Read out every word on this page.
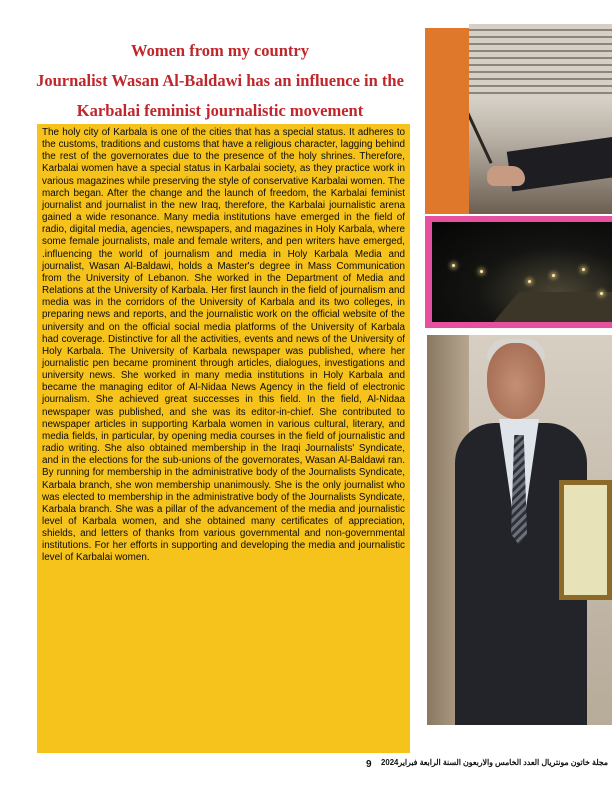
Women from my country
Journalist Wasan Al-Baldawi has an influence in the
Karbalai feminist journalistic movement

The holy city of Karbala is one of the cities that has a special status. It adheres to the customs, traditions and customs that have a religious character, lagging behind the rest of the governorates due to the presence of the holy shrines. Therefore, Karbalai women have a special status in Karbalai society, as they practice work in various magazines while preserving the style of conservative Karbalai women. The march began. After the change and the launch of freedom, the Karbalai feminist journalist and journalist in the new Iraq, therefore, the Karbalai journalistic arena gained a wide resonance. Many media institutions have emerged in the field of radio, digital media, agencies, newspapers, and magazines in Holy Karbala, where some female journalists, male and female writers, and pen writers have emerged, .influencing the world of journalism and media in Holy Karbala Media and journalist, Wasan Al-Baldawi, holds a Master's degree in Mass Communication from the University of Lebanon. She worked in the Department of Media and Relations at the University of Karbala. Her first launch in the field of journalism and media was in the corridors of the University of Karbala and its two colleges, in preparing news and reports, and the journalistic work on the official website of the university and on the official social media platforms of the University of Karbala had coverage. Distinctive for all the activities, events and news of the University of Holy Karbala. The University of Karbala newspaper was published, where her journalistic pen became prominent through articles, dialogues, investigations and university news. She worked in many media institutions in Holy Karbala and became the managing editor of Al-Nidaa News Agency in the field of electronic journalism. She achieved great successes in this field. In the field, Al-Nidaa newspaper was published, and she was its editor-in-chief. She contributed to newspaper articles in supporting Karbala women in various cultural, literary, and media fields, in particular, by opening media courses in the field of journalistic and radio writing. She also obtained membership in the Iraqi Journalists' Syndicate, and in the elections for the sub-unions of the governorates, Wasan Al-Baldawi ran. By running for membership in the administrative body of the Journalists Syndicate, Karbala branch, she won membership unanimously. She is the only journalist who was elected to membership in the administrative body of the Journalists Syndicate, Karbala branch. She was a pillar of the advancement of the media and journalistic level of Karbala women, and she obtained many certificates of appreciation, shields, and letters of thanks from various governmental and non-governmental institutions. For her efforts in supporting and developing the media and journalistic level of Karbalai women.

9 مجلة خاتون مونتريال العدد الخامس والاربعون السنة الرابعة فبراير2024
